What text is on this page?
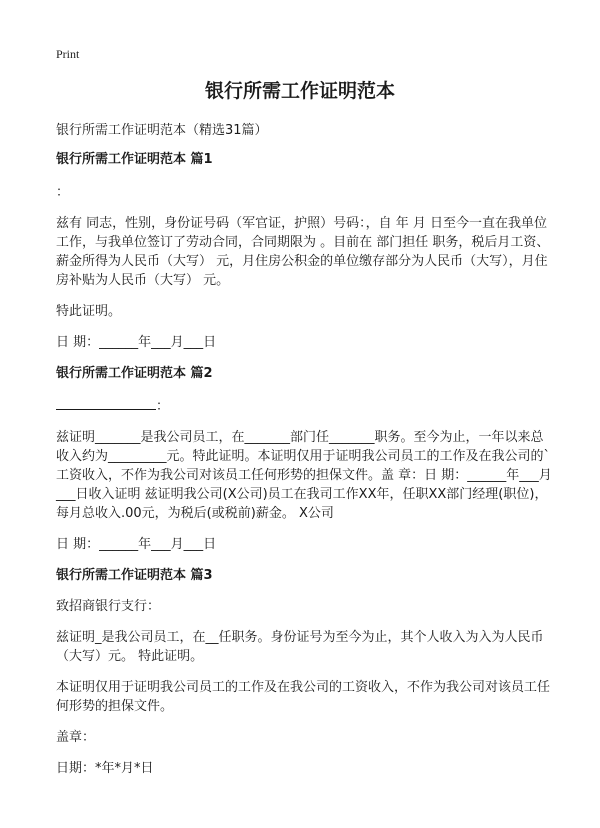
Print
银行所需工作证明范本

银行所需工作证明范本（精选31篇）

银行所需工作证明范本 篇1

：

兹有 同志，性别，身份证号码（军官证，护照）号码：，自 年 月 日至今一直在我单位工作，与我单位签订了劳动合同，合同期限为 。目前在 部门担任 职务，税后月工资、薪金所得为人民币（大写） 元，月住房公积金的单位缴存部分为人民币（大写），月住房补贴为人民币（大写） 元。

特此证明。

日 期：______年___月___日

银行所需工作证明范本 篇2

：

兹证明_______是我公司员工，在_______部门任_______职务。至今为止，一年以来总收入约为_________元。特此证明。本证明仅用于证明我公司员工的工作及在我公司的`工资收入，不作为我公司对该员工任何形势的担保文件。盖 章：日 期：______年___月___日收入证明 兹证明我公司(X公司)员工在我司工作XX年，任职XX部门经理(职位)，每月总收入.00元，为税后(或税前)薪金。 X公司

日 期：______年___月___日

银行所需工作证明范本 篇3

致招商银行支行：

兹证明_是我公司员工，在__任职务。身份证号为至今为止，其个人收入为入为人民币（大写）元。 特此证明。

本证明仅用于证明我公司员工的工作及在我公司的工资收入，不作为我公司对该员工任何形势的担保文件。

盖章：

日期：*年*月*日
